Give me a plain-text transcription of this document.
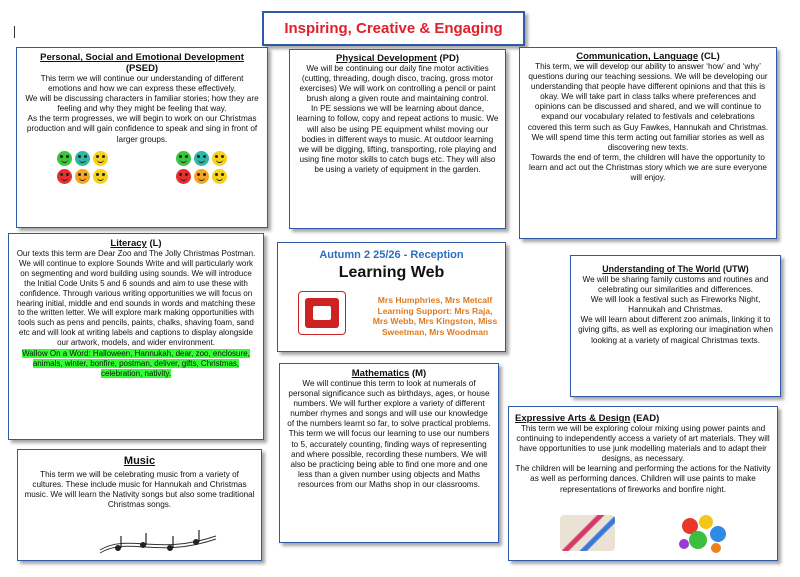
Inspiring, Creative & Engaging
Personal, Social and Emotional Development
(PSED)

This term we will continue our understanding of different emotions and how we can express these effectively.

We will be discussing characters in familiar stories; how they are feeling and why they might be feeling that way.

As the term progresses, we will begin to work on our Christmas production and will gain confidence to speak and sing in front of larger groups.

Physical Development (PD)

We will be continuing our daily fine motor activities (cutting, threading, dough disco, tracing, gross motor exercises) We will work on controlling a pencil or paint brush along a given route and maintaining control.

In PE sessions we will be learning about dance, learning to follow, copy and repeat actions to music. We will also be using PE equipment whilst moving our bodies in different ways to music. At outdoor learning we will be digging, lifting, transporting, role playing and using fine motor skills to catch bugs etc. They will also be using a variety of equipment in the garden.

Communication, Language (CL)

This term, we will develop our ability to answer ‘how’ and ‘why’ questions during our teaching sessions. We will be developing our understanding that people have different opinions and that this is okay. We will take part in class talks where preferences and opinions can be discussed and shared, and we will continue to expand our vocabulary related to festivals and celebrations covered this term such as Guy Fawkes, Hannukah and Christmas.

We will spend time this term acting out familiar stories as well as discovering new texts.

Towards the end of term, the children will have the opportunity to learn and act out the Christmas story which we are sure everyone will enjoy.

Literacy (L)

Our texts this term are Dear Zoo and The Jolly Christmas Postman. We will continue to explore Sounds Write and will particularly work on segmenting and word building using sounds. We will introduce the Initial Code Units 5 and 6 sounds and aim to use these with confidence. Through various writing opportunities we will focus on hearing initial, middle and end sounds in words and matching these to the written letter. We will explore mark making opportunities with tools such as pens and pencils, paints, chalks, shaving foam, sand etc and will look at writing labels and captions to display alongside our artwork, models, and wider environment.

Wallow On a Word: Halloween, Hannukah, dear, zoo, enclosure, animals, winter, bonfire, postman, deliver, gifts, Christmas, celebration, nativity.

Autumn 2 25/26 - Reception
Learning Web
Mrs Humphries, Mrs Metcalf Learning Support: Mrs Raja, Mrs Webb, Mrs Kingston, Miss Sweetman, Mrs Woodman
Understanding of The World (UTW)

We will be sharing family customs and routines and celebrating our similarities and differences.

We will look a festival such as Fireworks Night, Hannukah and Christmas.

We will learn about different zoo animals, linking it to giving gifts, as well as exploring our imagination when looking at a variety of magical Christmas texts.

Mathematics (M)

We will continue this term to look at numerals of personal significance such as birthdays, ages, or house numbers. We will further explore a variety of different number rhymes and songs and will use our knowledge of the numbers learnt so far, to solve practical problems. This term we will focus our learning to use our numbers to 5, accurately counting, finding ways of representing and where possible, recording these numbers. We will also be practicing being able to find one more and one less than a given number using objects and Maths resources from our Maths shop in our classrooms.

Music

This term we will be celebrating music from a variety of cultures. These include music for Hannukah and Christmas music. We will learn the Nativity songs but also some traditional Christmas songs.

Expressive Arts & Design (EAD)

This term we will be exploring colour mixing using power paints and continuing to independently access a variety of art materials. They will have opportunities to use junk modelling materials and to adapt their designs, as necessary.

The children will be learning and performing the actions for the Nativity as well as performing dances. Children will use paints to make representations of fireworks and bonfire night.
